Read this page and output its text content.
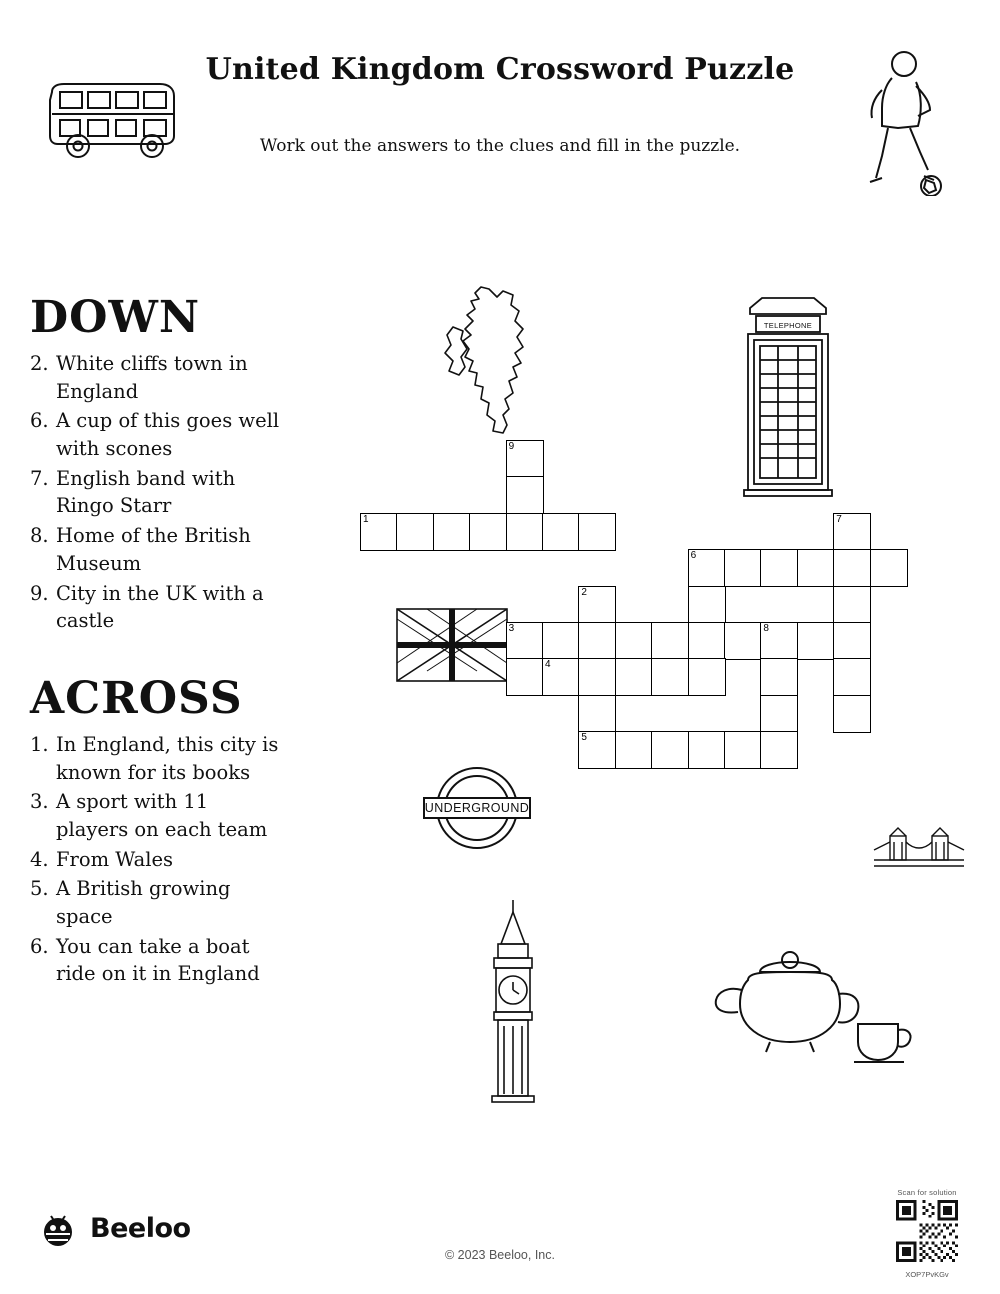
United Kingdom Crossword Puzzle
Work out the answers to the clues and fill in the puzzle.
DOWN
2. White cliffs town in England
6. A cup of this goes well with scones
7. English band with Ringo Starr
8. Home of the British Museum
9. City in the UK with a castle
ACROSS
1. In England, this city is known for its books
3. A sport with 11 players on each team
4. From Wales
5. A British growing space
6. You can take a boat ride on it in England
TELEPHONE
UNDERGROUND
9
1	7
6
2
3	8
4
5
Beeloo
© 2023 Beeloo, Inc.
Scan for solution
XOP7PvKGv
